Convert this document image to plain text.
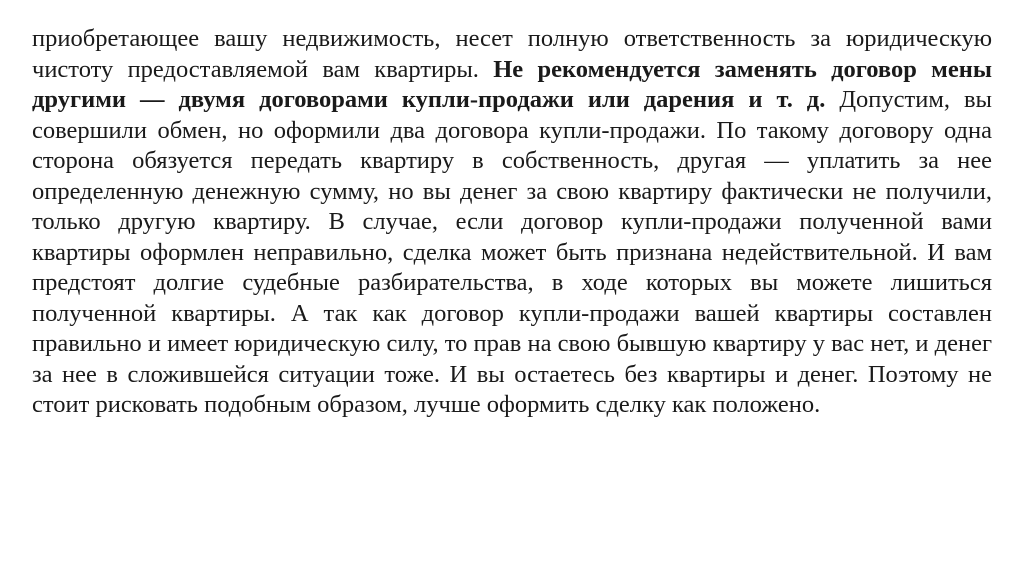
приобретающее вашу недвижимость, несет полную ответственность за юридическую чистоту предоставляемой вам квартиры. Не рекомендуется заменять договор мены другими — двумя договорами купли-продажи или дарения и т. д. Допустим, вы совершили обмен, но оформили два договора купли-продажи. По такому договору одна сторона обязуется передать квартиру в собственность, другая — уплатить за нее определенную денежную сумму, но вы денег за свою квартиру фактически не получили, только другую квартиру. В случае, если договор купли-продажи полученной вами квартиры оформлен неправильно, сделка может быть признана недействительной. И вам предстоят долгие судебные разбирательства, в ходе которых вы можете лишиться полученной квартиры. А так как договор купли-продажи вашей квартиры составлен правильно и имеет юридическую силу, то прав на свою бывшую квартиру у вас нет, и денег за нее в сложившейся ситуации тоже. И вы остаетесь без квартиры и денег. Поэтому не стоит рисковать подобным образом, лучше оформить сделку как положено.
